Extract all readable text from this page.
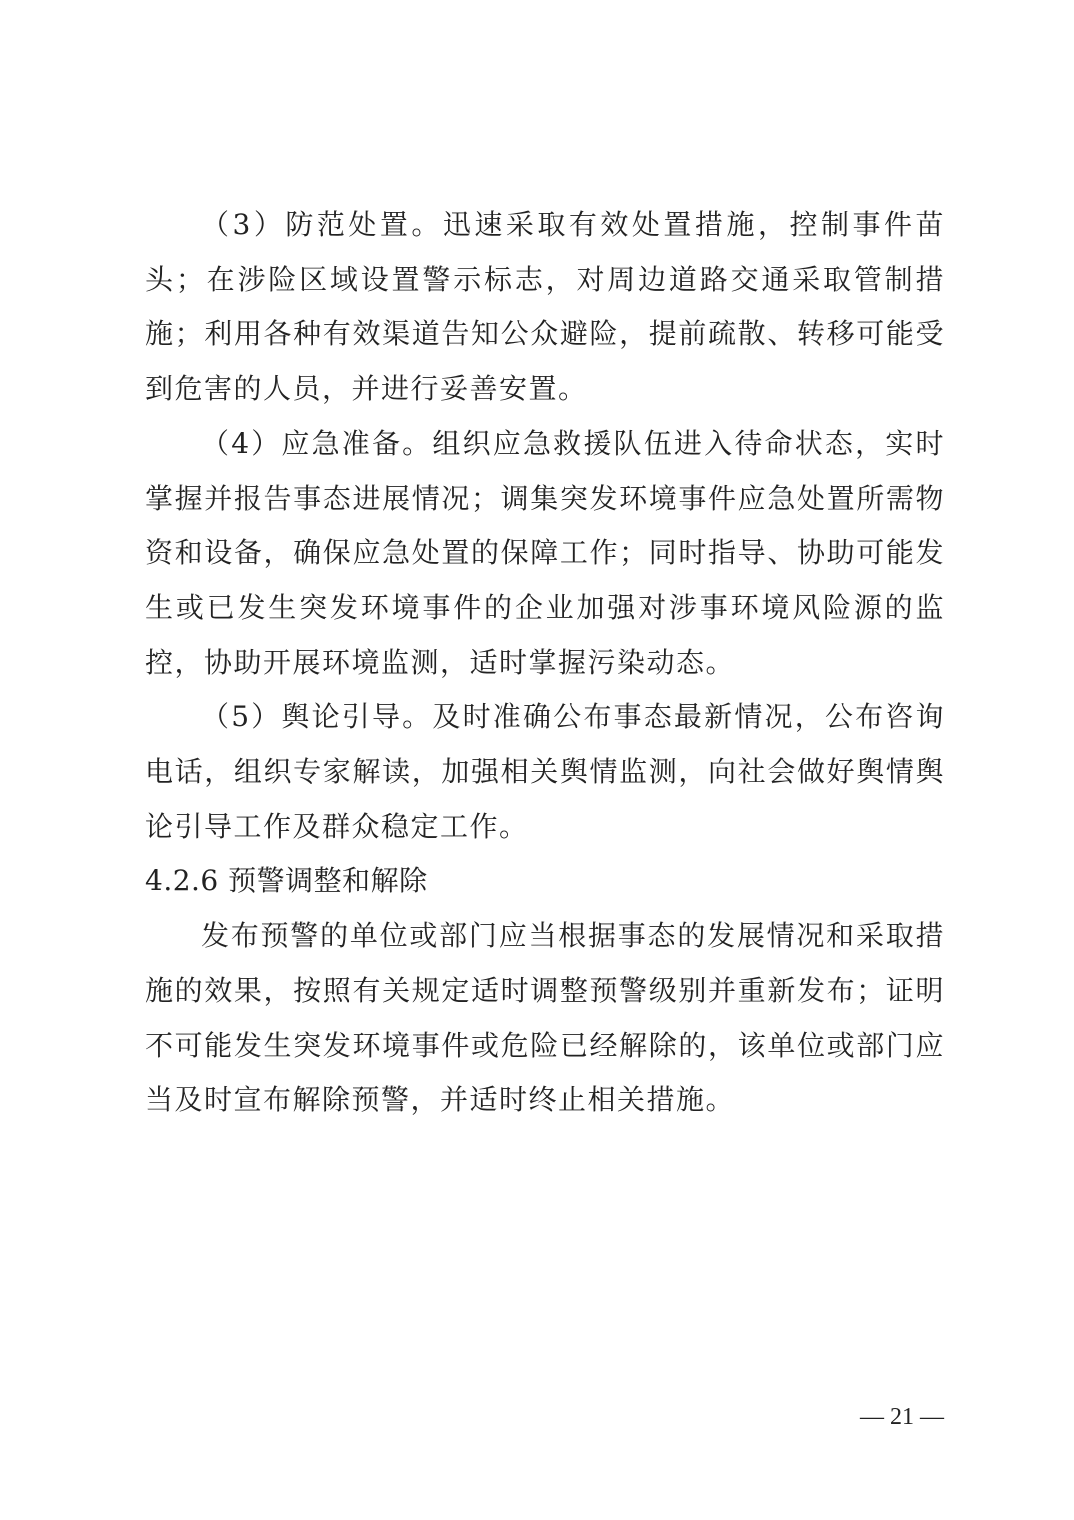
（3）防范处置。迅速采取有效处置措施，控制事件苗头；在涉险区域设置警示标志，对周边道路交通采取管制措施；利用各种有效渠道告知公众避险，提前疏散、转移可能受到危害的人员，并进行妥善安置。

（4）应急准备。组织应急救援队伍进入待命状态，实时掌握并报告事态进展情况；调集突发环境事件应急处置所需物资和设备，确保应急处置的保障工作；同时指导、协助可能发生或已发生突发环境事件的企业加强对涉事环境风险源的监控，协助开展环境监测，适时掌握污染动态。

（5）舆论引导。及时准确公布事态最新情况，公布咨询电话，组织专家解读，加强相关舆情监测，向社会做好舆情舆论引导工作及群众稳定工作。

4.2.6 预警调整和解除

发布预警的单位或部门应当根据事态的发展情况和采取措施的效果，按照有关规定适时调整预警级别并重新发布；证明不可能发生突发环境事件或危险已经解除的，该单位或部门应当及时宣布解除预警，并适时终止相关措施。

— 21 —
